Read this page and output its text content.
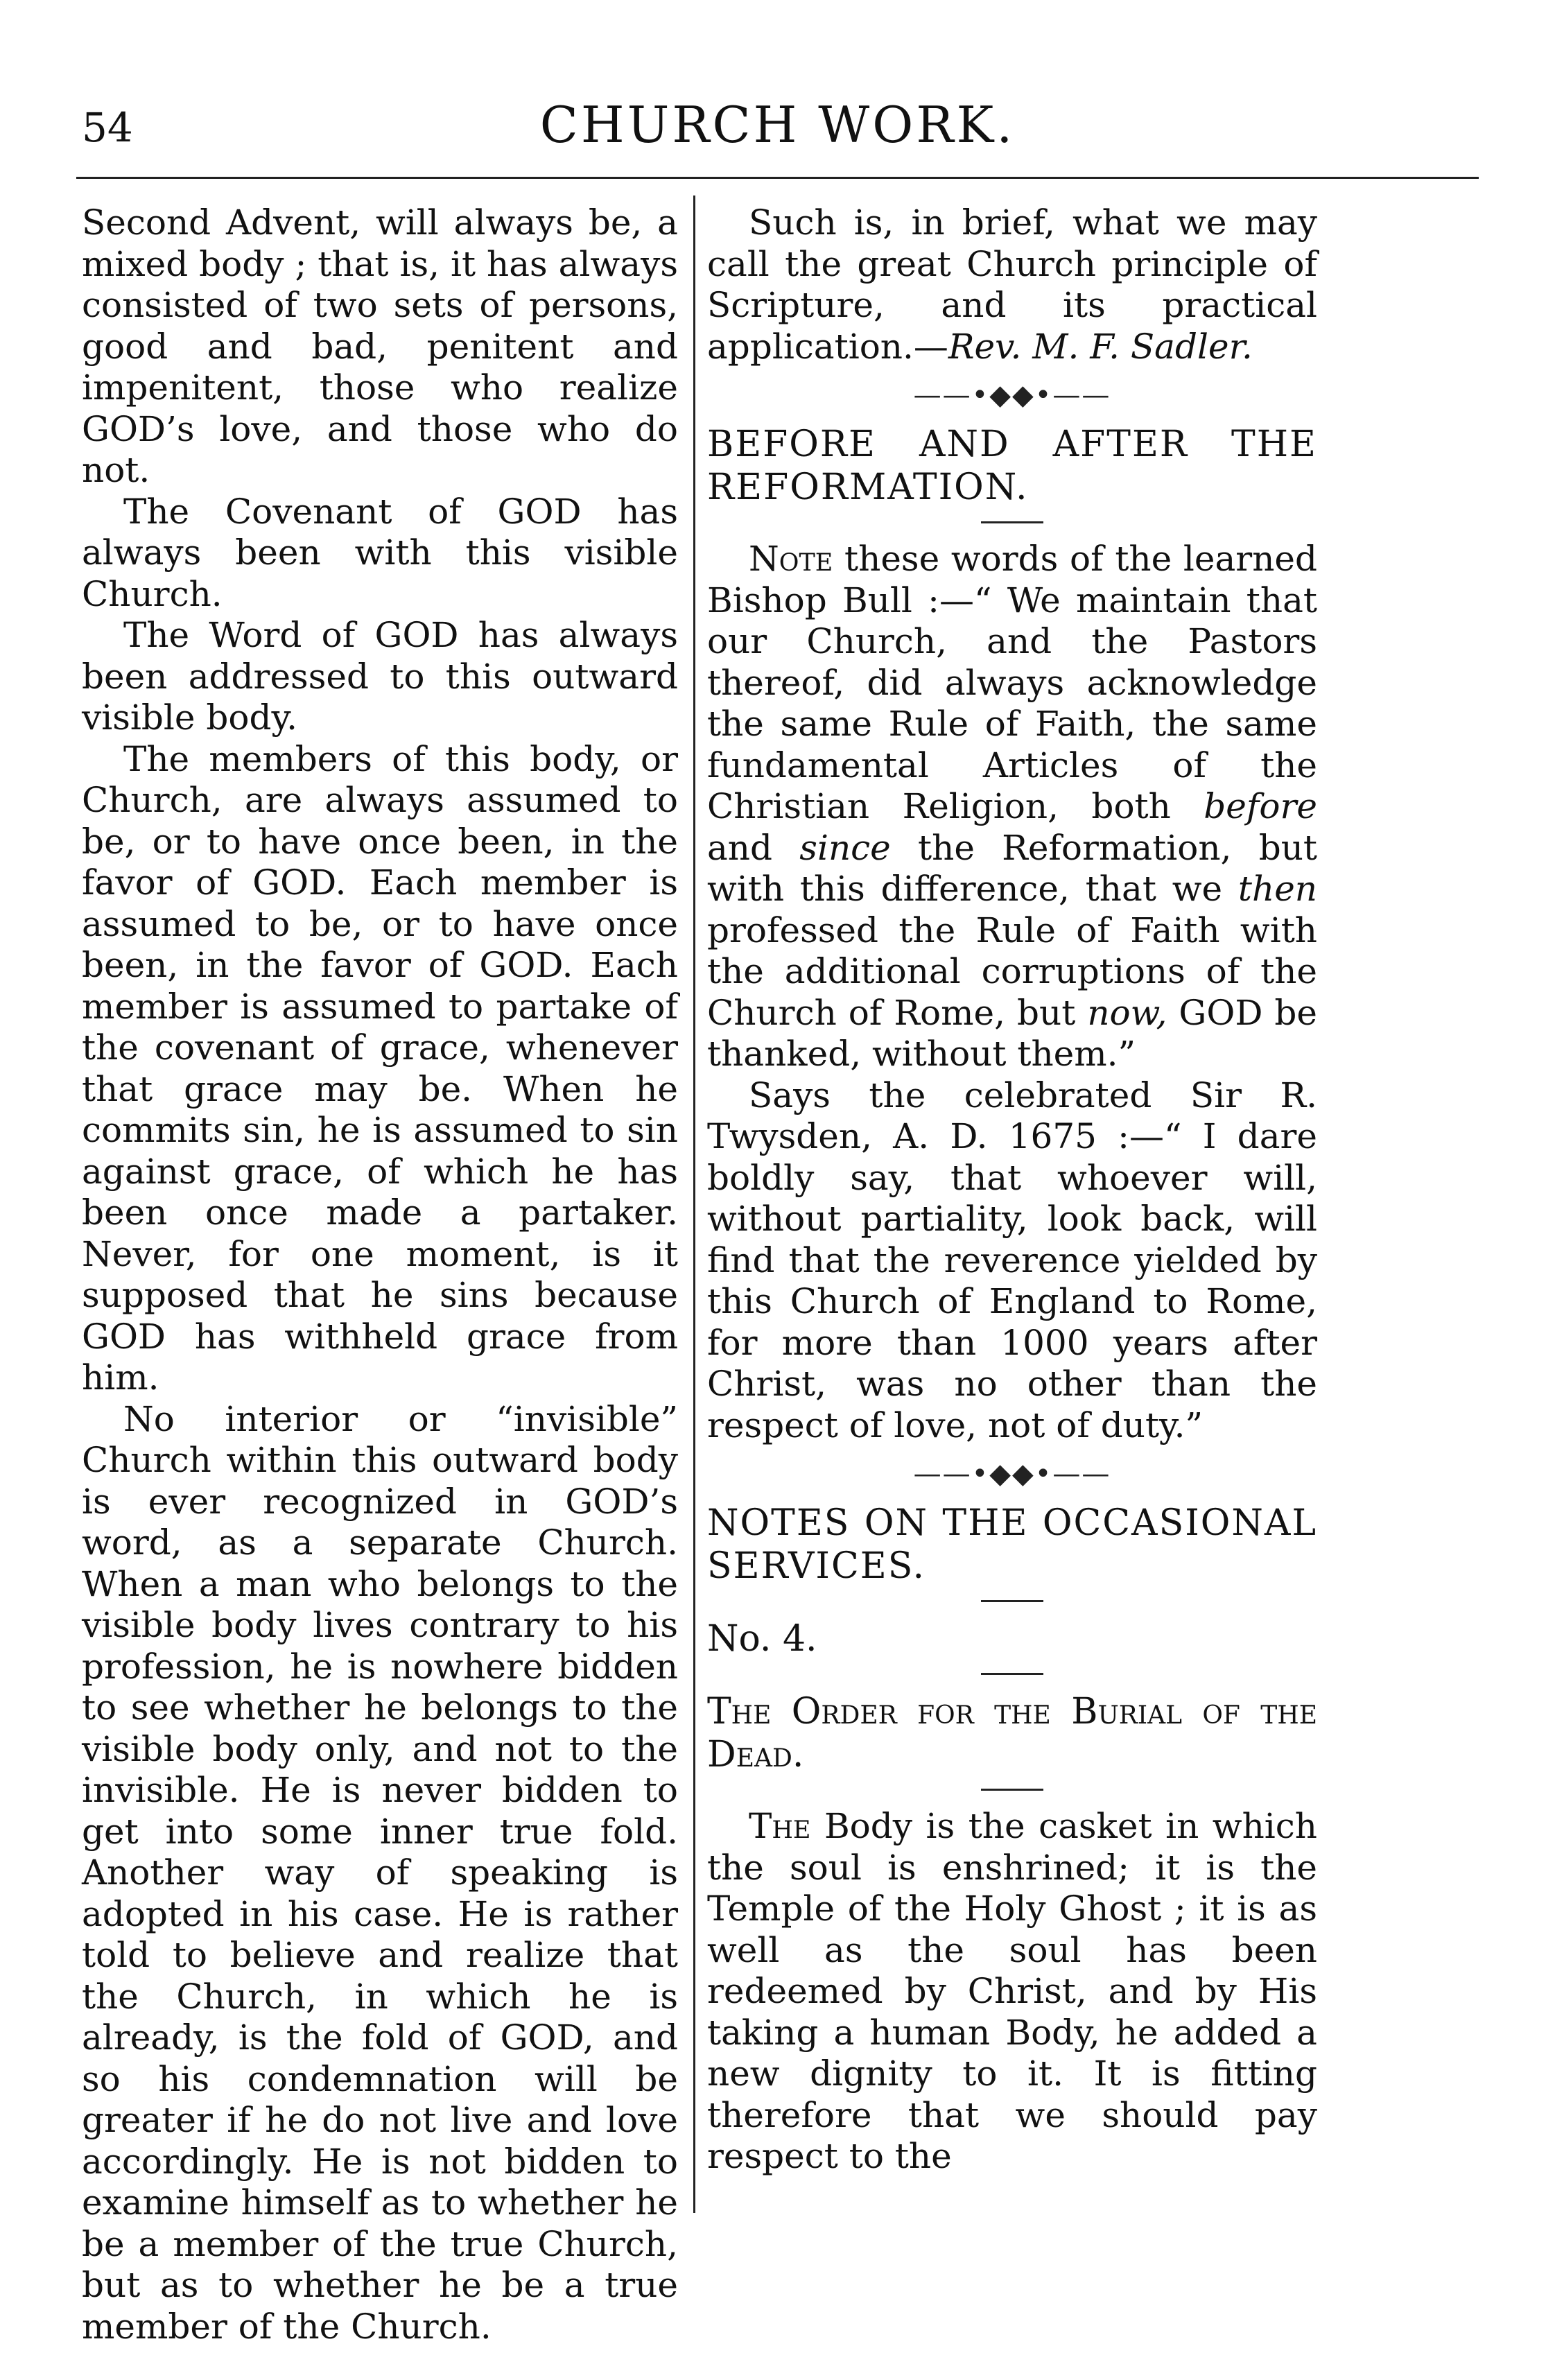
54	CHURCH WORK.

Second Advent, will always be, a mixed body ; that is, it has always consisted of two sets of persons, good and bad, penitent and impenitent, those who realize GOD’s love, and those who do not.

The Covenant of GOD has always been with this visible Church.

The Word of GOD has always been addressed to this outward visible body.

The members of this body, or Church, are always assumed to be, or to have once been, in the favor of GOD. Each member is assumed to be, or to have once been, in the favor of GOD. Each member is assumed to partake of the covenant of grace, whenever that grace may be. When he commits sin, he is assumed to sin against grace, of which he has been once made a partaker. Never, for one moment, is it supposed that he sins because GOD has withheld grace from him.

No interior or “invisible” Church within this outward body is ever recognized in GOD’s word, as a separate Church. When a man who belongs to the visible body lives contrary to his profession, he is nowhere bidden to see whether he belongs to the visible body only, and not to the invisible. He is never bidden to get into some inner true fold. Another way of speaking is adopted in his case. He is rather told to believe and realize that the Church, in which he is already, is the fold of GOD, and so his condemnation will be greater if he do not live and love accordingly. He is not bidden to examine himself as to whether he be a member of the true Church, but as to whether he be a true member of the Church.

Such is, in brief, what we may call the great Church principle of Scripture, and its practical application.—Rev. M. F. Sadler.

——•◆◆•——

BEFORE AND AFTER THE REFORMATION.

Note these words of the learned Bishop Bull :—“ We maintain that our Church, and the Pastors thereof, did always acknowledge the same Rule of Faith, the same fundamental Articles of the Christian Religion, both before and since the Reformation, but with this difference, that we then professed the Rule of Faith with the additional corruptions of the Church of Rome, but now, GOD be thanked, without them.”

Says the celebrated Sir R. Twysden, A. D. 1675 :—“ I dare boldly say, that whoever will, without partiality, look back, will find that the reverence yielded by this Church of England to Rome, for more than 1000 years after Christ, was no other than the respect of love, not of duty.”

——•◆◆•——

NOTES ON THE OCCASIONAL SERVICES.

No. 4.

The Order for the Burial of the Dead.

The Body is the casket in which the soul is enshrined; it is the Temple of the Holy Ghost ; it is as well as the soul has been redeemed by Christ, and by His taking a human Body, he added a new dignity to it. It is fitting therefore that we should pay respect to the
